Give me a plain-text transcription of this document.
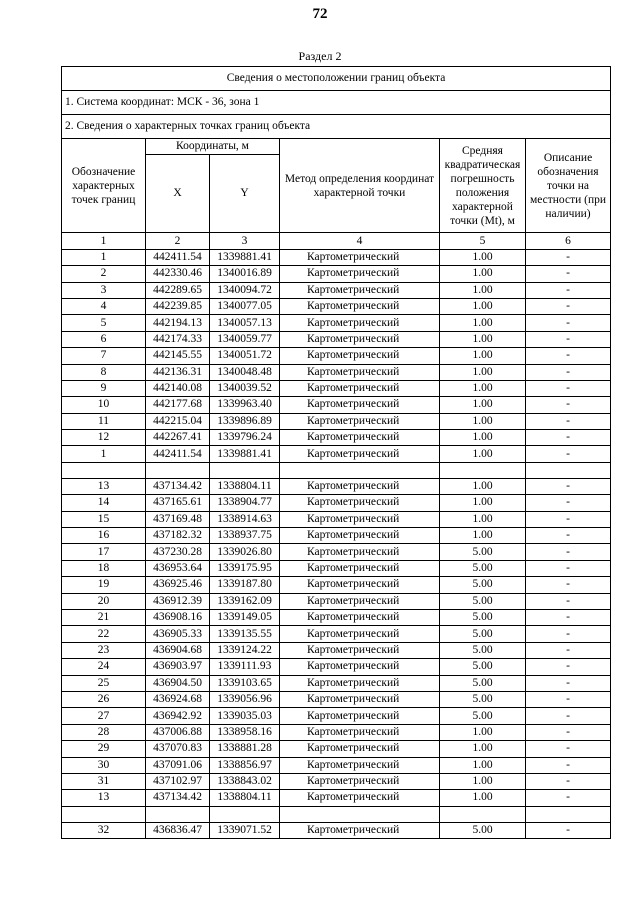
72
Раздел 2
Сведения о местоположении границ объекта					
1. Система координат: МСК - 36, зона 1					
2. Сведения о характерных точках границ объекта					
Обозначение характерных точек границ	Координаты, м		Метод определения координат характерной точки	Средняя квадратическая погрешность положения характерной точки (Mt), м	Описание обозначения точки на местности (при наличии)
	X	Y			
1	2	3	4	5	6
1	442411.54	1339881.41	Картометрический	1.00	-
2	442330.46	1340016.89	Картометрический	1.00	-
3	442289.65	1340094.72	Картометрический	1.00	-
4	442239.85	1340077.05	Картометрический	1.00	-
5	442194.13	1340057.13	Картометрический	1.00	-
6	442174.33	1340059.77	Картометрический	1.00	-
7	442145.55	1340051.72	Картометрический	1.00	-
8	442136.31	1340048.48	Картометрический	1.00	-
9	442140.08	1340039.52	Картометрический	1.00	-
10	442177.68	1339963.40	Картометрический	1.00	-
11	442215.04	1339896.89	Картометрический	1.00	-
12	442267.41	1339796.24	Картометрический	1.00	-
1	442411.54	1339881.41	Картометрический	1.00	-

13	437134.42	1338804.11	Картометрический	1.00	-
14	437165.61	1338904.77	Картометрический	1.00	-
15	437169.48	1338914.63	Картометрический	1.00	-
16	437182.32	1338937.75	Картометрический	1.00	-
17	437230.28	1339026.80	Картометрический	5.00	-
18	436953.64	1339175.95	Картометрический	5.00	-
19	436925.46	1339187.80	Картометрический	5.00	-
20	436912.39	1339162.09	Картометрический	5.00	-
21	436908.16	1339149.05	Картометрический	5.00	-
22	436905.33	1339135.55	Картометрический	5.00	-
23	436904.68	1339124.22	Картометрический	5.00	-
24	436903.97	1339111.93	Картометрический	5.00	-
25	436904.50	1339103.65	Картометрический	5.00	-
26	436924.68	1339056.96	Картометрический	5.00	-
27	436942.92	1339035.03	Картометрический	5.00	-
28	437006.88	1338958.16	Картометрический	1.00	-
29	437070.83	1338881.28	Картометрический	1.00	-
30	437091.06	1338856.97	Картометрический	1.00	-
31	437102.97	1338843.02	Картометрический	1.00	-
13	437134.42	1338804.11	Картометрический	1.00	-

32	436836.47	1339071.52	Картометрический	5.00	-
